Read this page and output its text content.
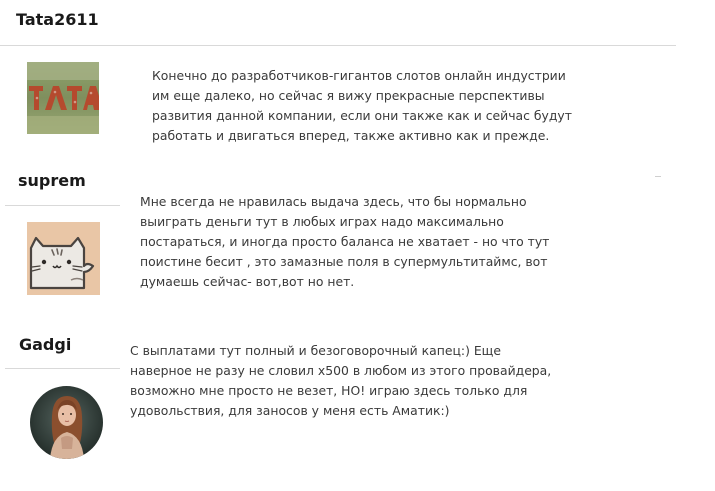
Tata2611
Конечно до разработчиков-гигантов слотов онлайн индустрии
им еще далеко, но сейчас я вижу прекрасные перспективы
развития данной компании, если они также как и сейчас будут
работать и двигаться вперед, также активно как и прежде.
suprem
Мне всегда не нравилась выдача здесь, что бы нормально
выиграть деньги тут в любых играх надо максимально
постараться, и иногда просто баланса не хватает - но что тут
поистине бесит , это замазные поля в супермультитаймс, вот
думаешь сейчас- вот,вот но нет.
Gadgi	С выплатами тут полный и безоговорочный капец:) Еще
наверное не разу не словил x500 в любом из этого провайдера,
возможно мне просто не везет, НО! играю здесь только для
удовольствия, для заносов у меня есть Аматик:)
